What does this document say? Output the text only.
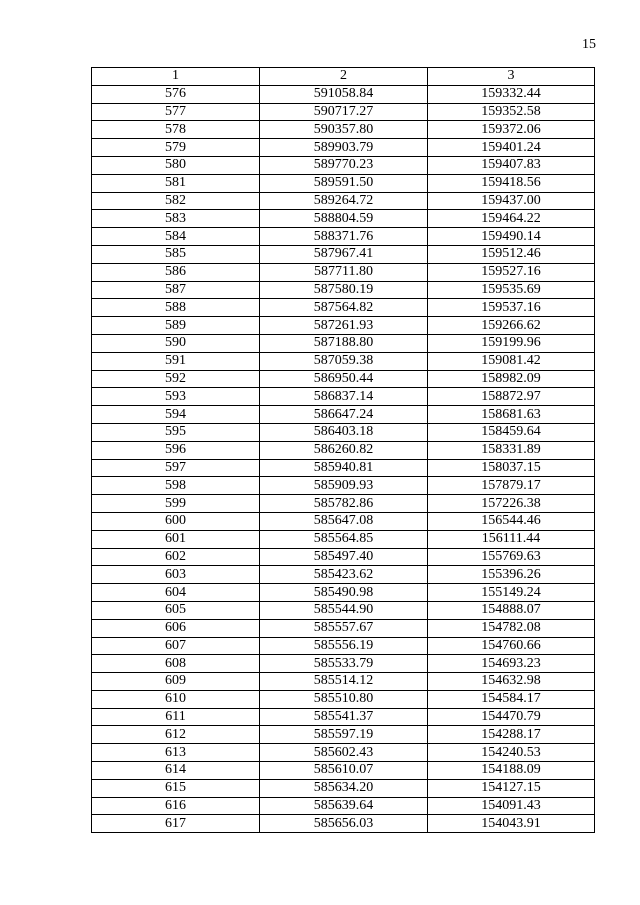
15
1	2	3
576	591058.84	159332.44
577	590717.27	159352.58
578	590357.80	159372.06
579	589903.79	159401.24
580	589770.23	159407.83
581	589591.50	159418.56
582	589264.72	159437.00
583	588804.59	159464.22
584	588371.76	159490.14
585	587967.41	159512.46
586	587711.80	159527.16
587	587580.19	159535.69
588	587564.82	159537.16
589	587261.93	159266.62
590	587188.80	159199.96
591	587059.38	159081.42
592	586950.44	158982.09
593	586837.14	158872.97
594	586647.24	158681.63
595	586403.18	158459.64
596	586260.82	158331.89
597	585940.81	158037.15
598	585909.93	157879.17
599	585782.86	157226.38
600	585647.08	156544.46
601	585564.85	156111.44
602	585497.40	155769.63
603	585423.62	155396.26
604	585490.98	155149.24
605	585544.90	154888.07
606	585557.67	154782.08
607	585556.19	154760.66
608	585533.79	154693.23
609	585514.12	154632.98
610	585510.80	154584.17
611	585541.37	154470.79
612	585597.19	154288.17
613	585602.43	154240.53
614	585610.07	154188.09
615	585634.20	154127.15
616	585639.64	154091.43
617	585656.03	154043.91
